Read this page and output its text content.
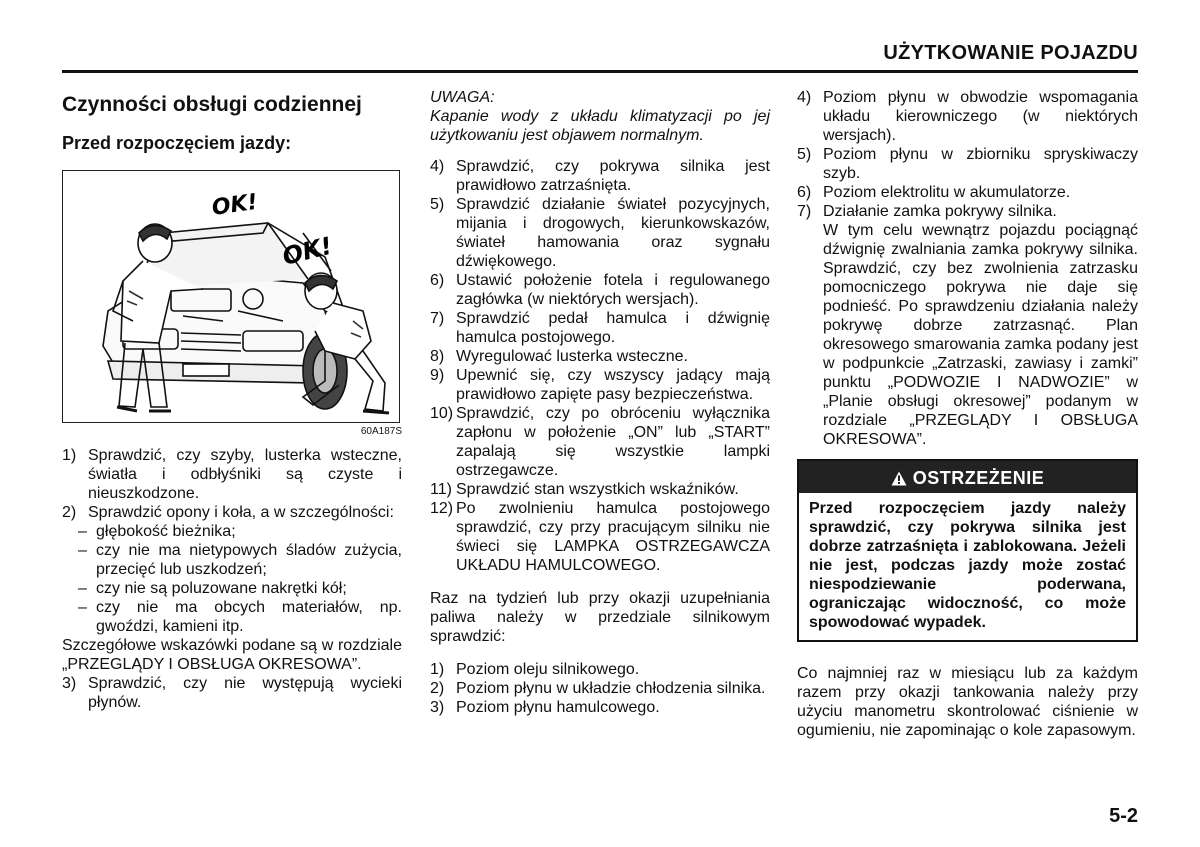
UŻYTKOWANIE POJAZDU
Czynności obsługi codziennej
Przed rozpoczęciem jazdy:
OK!
OK!
60A187S
1) Sprawdzić, czy szyby, lusterka wsteczne, światła i odbłyśniki są czyste i nieuszkodzone.
2) Sprawdzić opony i koła, a w szczególności:
– głębokość bieżnika;
– czy nie ma nietypowych śladów zużycia, przecięć lub uszkodzeń;
– czy nie są poluzowane nakrętki kół;
– czy nie ma obcych materiałów, np. gwoździ, kamieni itp.

Szczegółowe wskazówki podane są w rozdziale „PRZEGLĄDY I OBSŁUGA OKRESOWA”.

3) Sprawdzić, czy nie występują wycieki płynów.
UWAGA:
Kapanie wody z układu klimatyzacji po jej użytkowaniu jest objawem normalnym.
4) Sprawdzić, czy pokrywa silnika jest prawidłowo zatrzaśnięta.
5) Sprawdzić działanie świateł pozycyjnych, mijania i drogowych, kierunkowskazów, świateł hamowania oraz sygnału dźwiękowego.
6) Ustawić położenie fotela i regulowanego zagłówka (w niektórych wersjach).
7) Sprawdzić pedał hamulca i dźwignię hamulca postojowego.
8) Wyregulować lusterka wsteczne.
9) Upewnić się, czy wszyscy jadący mają prawidłowo zapięte pasy bezpieczeństwa.
10) Sprawdzić, czy po obróceniu wyłącznika zapłonu w położenie „ON” lub „START” zapalają się wszystkie lampki ostrzegawcze.
11) Sprawdzić stan wszystkich wskaźników.
12) Po zwolnieniu hamulca postojowego sprawdzić, czy przy pracującym silniku nie świeci się LAMPKA OSTRZEGAWCZA UKŁADU HAMULCOWEGO.

Raz na tydzień lub przy okazji uzupełniania paliwa należy w przedziale silnikowym sprawdzić:

1) Poziom oleju silnikowego.
2) Poziom płynu w układzie chłodzenia silnika.
3) Poziom płynu hamulcowego.
4) Poziom płynu w obwodzie wspomagania układu kierowniczego (w niektórych wersjach).
5) Poziom płynu w zbiorniku spryskiwaczy szyb.
6) Poziom elektrolitu w akumulatorze.
7) Działanie zamka pokrywy silnika.
W tym celu wewnątrz pojazdu pociągnąć dźwignię zwalniania zamka pokrywy silnika. Sprawdzić, czy bez zwolnienia zatrzasku pomocniczego pokrywa nie daje się podnieść. Po sprawdzeniu działania należy pokrywę dobrze zatrzasnąć. Plan okresowego smarowania zamka podany jest w podpunkcie „Zatrzaski, zawiasy i zamki” punktu „PODWOZIE I NADWOZIE” w „Planie obsługi okresowej” podanym w rozdziale „PRZEGLĄDY I OBSŁUGA OKRESOWA”.
OSTRZEŻENIE
Przed rozpoczęciem jazdy należy sprawdzić, czy pokrywa silnika jest dobrze zatrzaśnięta i zablokowana. Jeżeli nie jest, podczas jazdy może zostać niespodziewanie poderwana, ograniczając widoczność, co może spowodować wypadek.

Co najmniej raz w miesiącu lub za każdym razem przy okazji tankowania należy przy użyciu manometru skontrolować ciśnienie w ogumieniu, nie zapominając o kole zapasowym.

5-2
